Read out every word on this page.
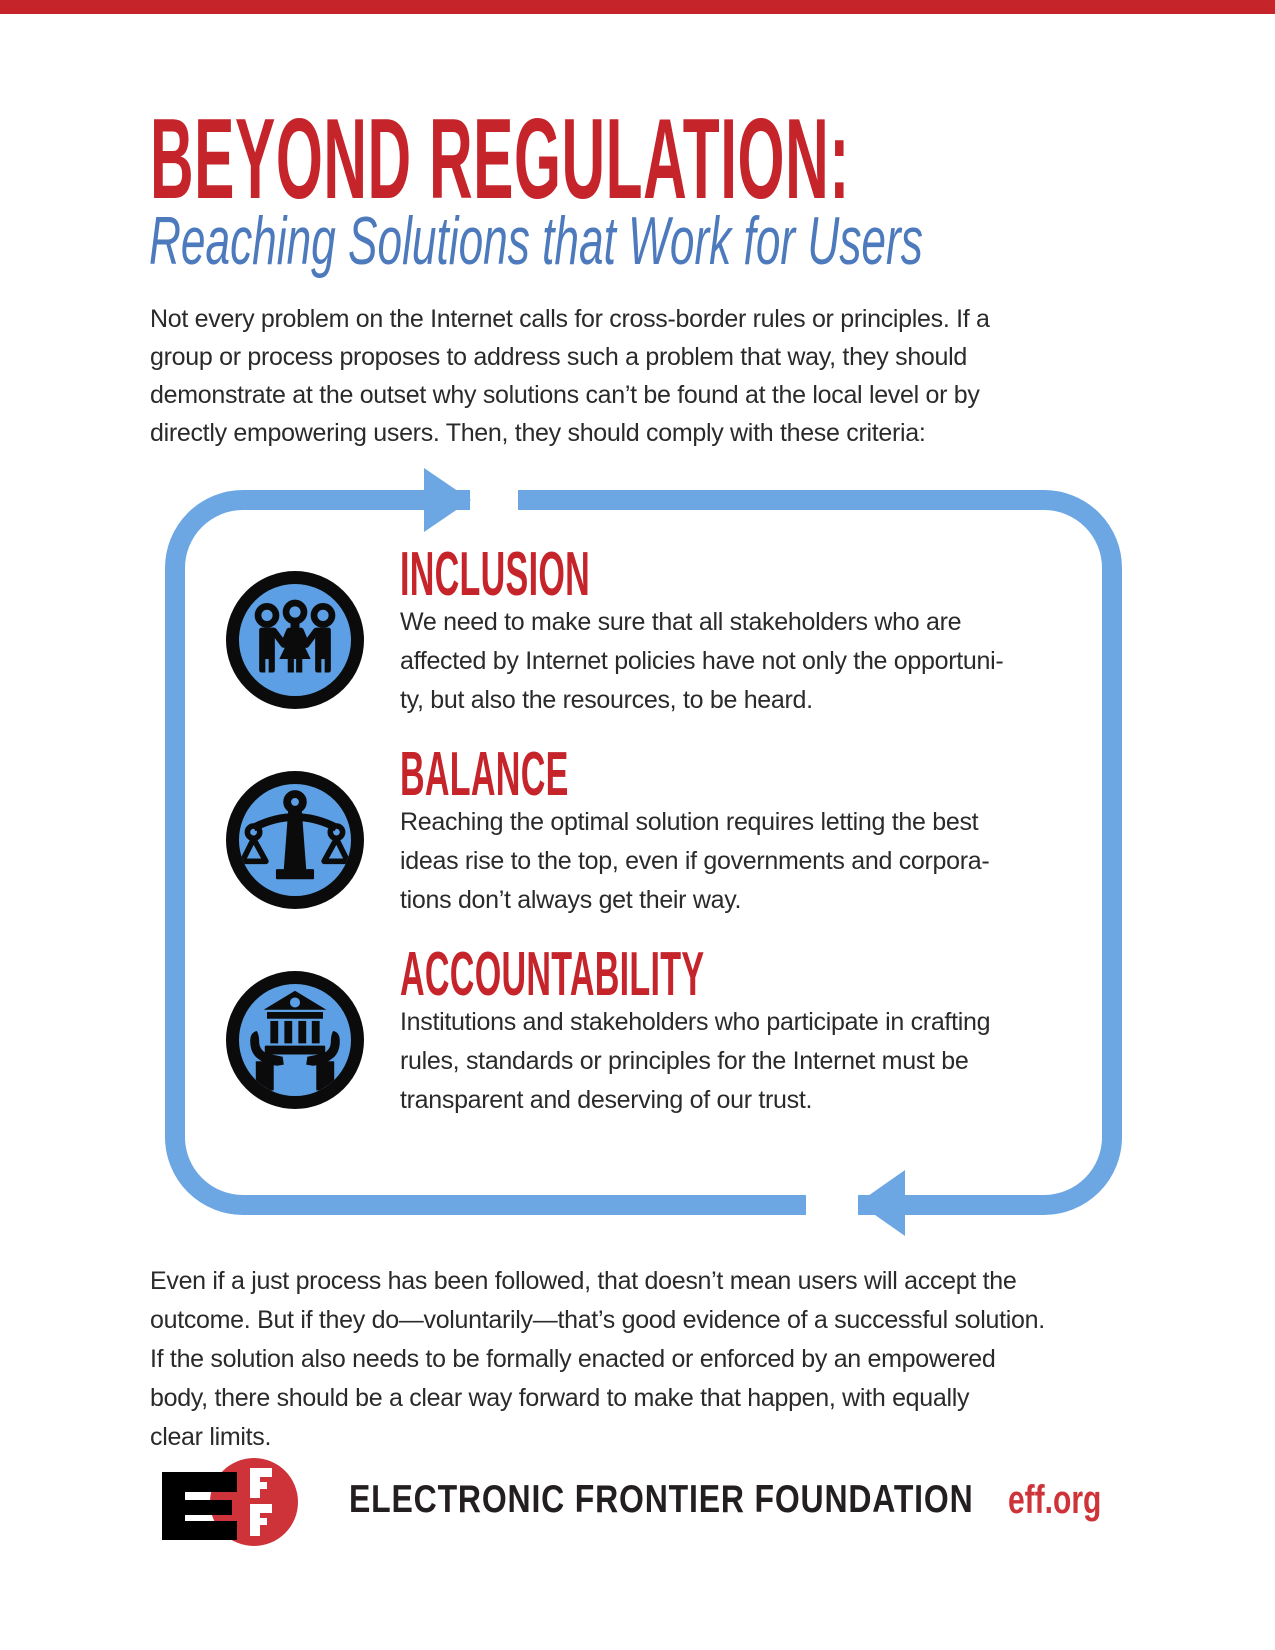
BEYOND REGULATION:
Reaching Solutions that Work for Users
Not every problem on the Internet calls for cross-border rules or principles. If a
group or process proposes to address such a problem that way, they should
demonstrate at the outset why solutions can’t be found at the local level or by
directly empowering users. Then, they should comply with these criteria:
INCLUSION
We need to make sure that all stakeholders who are
affected by Internet policies have not only the opportuni-
ty, but also the resources, to be heard.
BALANCE
Reaching the optimal solution requires letting the best
ideas rise to the top, even if governments and corpora-
tions don’t always get their way.
ACCOUNTABILITY
Institutions and stakeholders who participate in crafting
rules, standards or principles for the Internet must be
transparent and deserving of our trust.
Even if a just process has been followed, that doesn’t mean users will accept the
outcome. But if they do—voluntarily—that’s good evidence of a successful solution.
If the solution also needs to be formally enacted or enforced by an empowered
body, there should be a clear way forward to make that happen, with equally
clear limits.
ELECTRONIC FRONTIER FOUNDATION eff.org
